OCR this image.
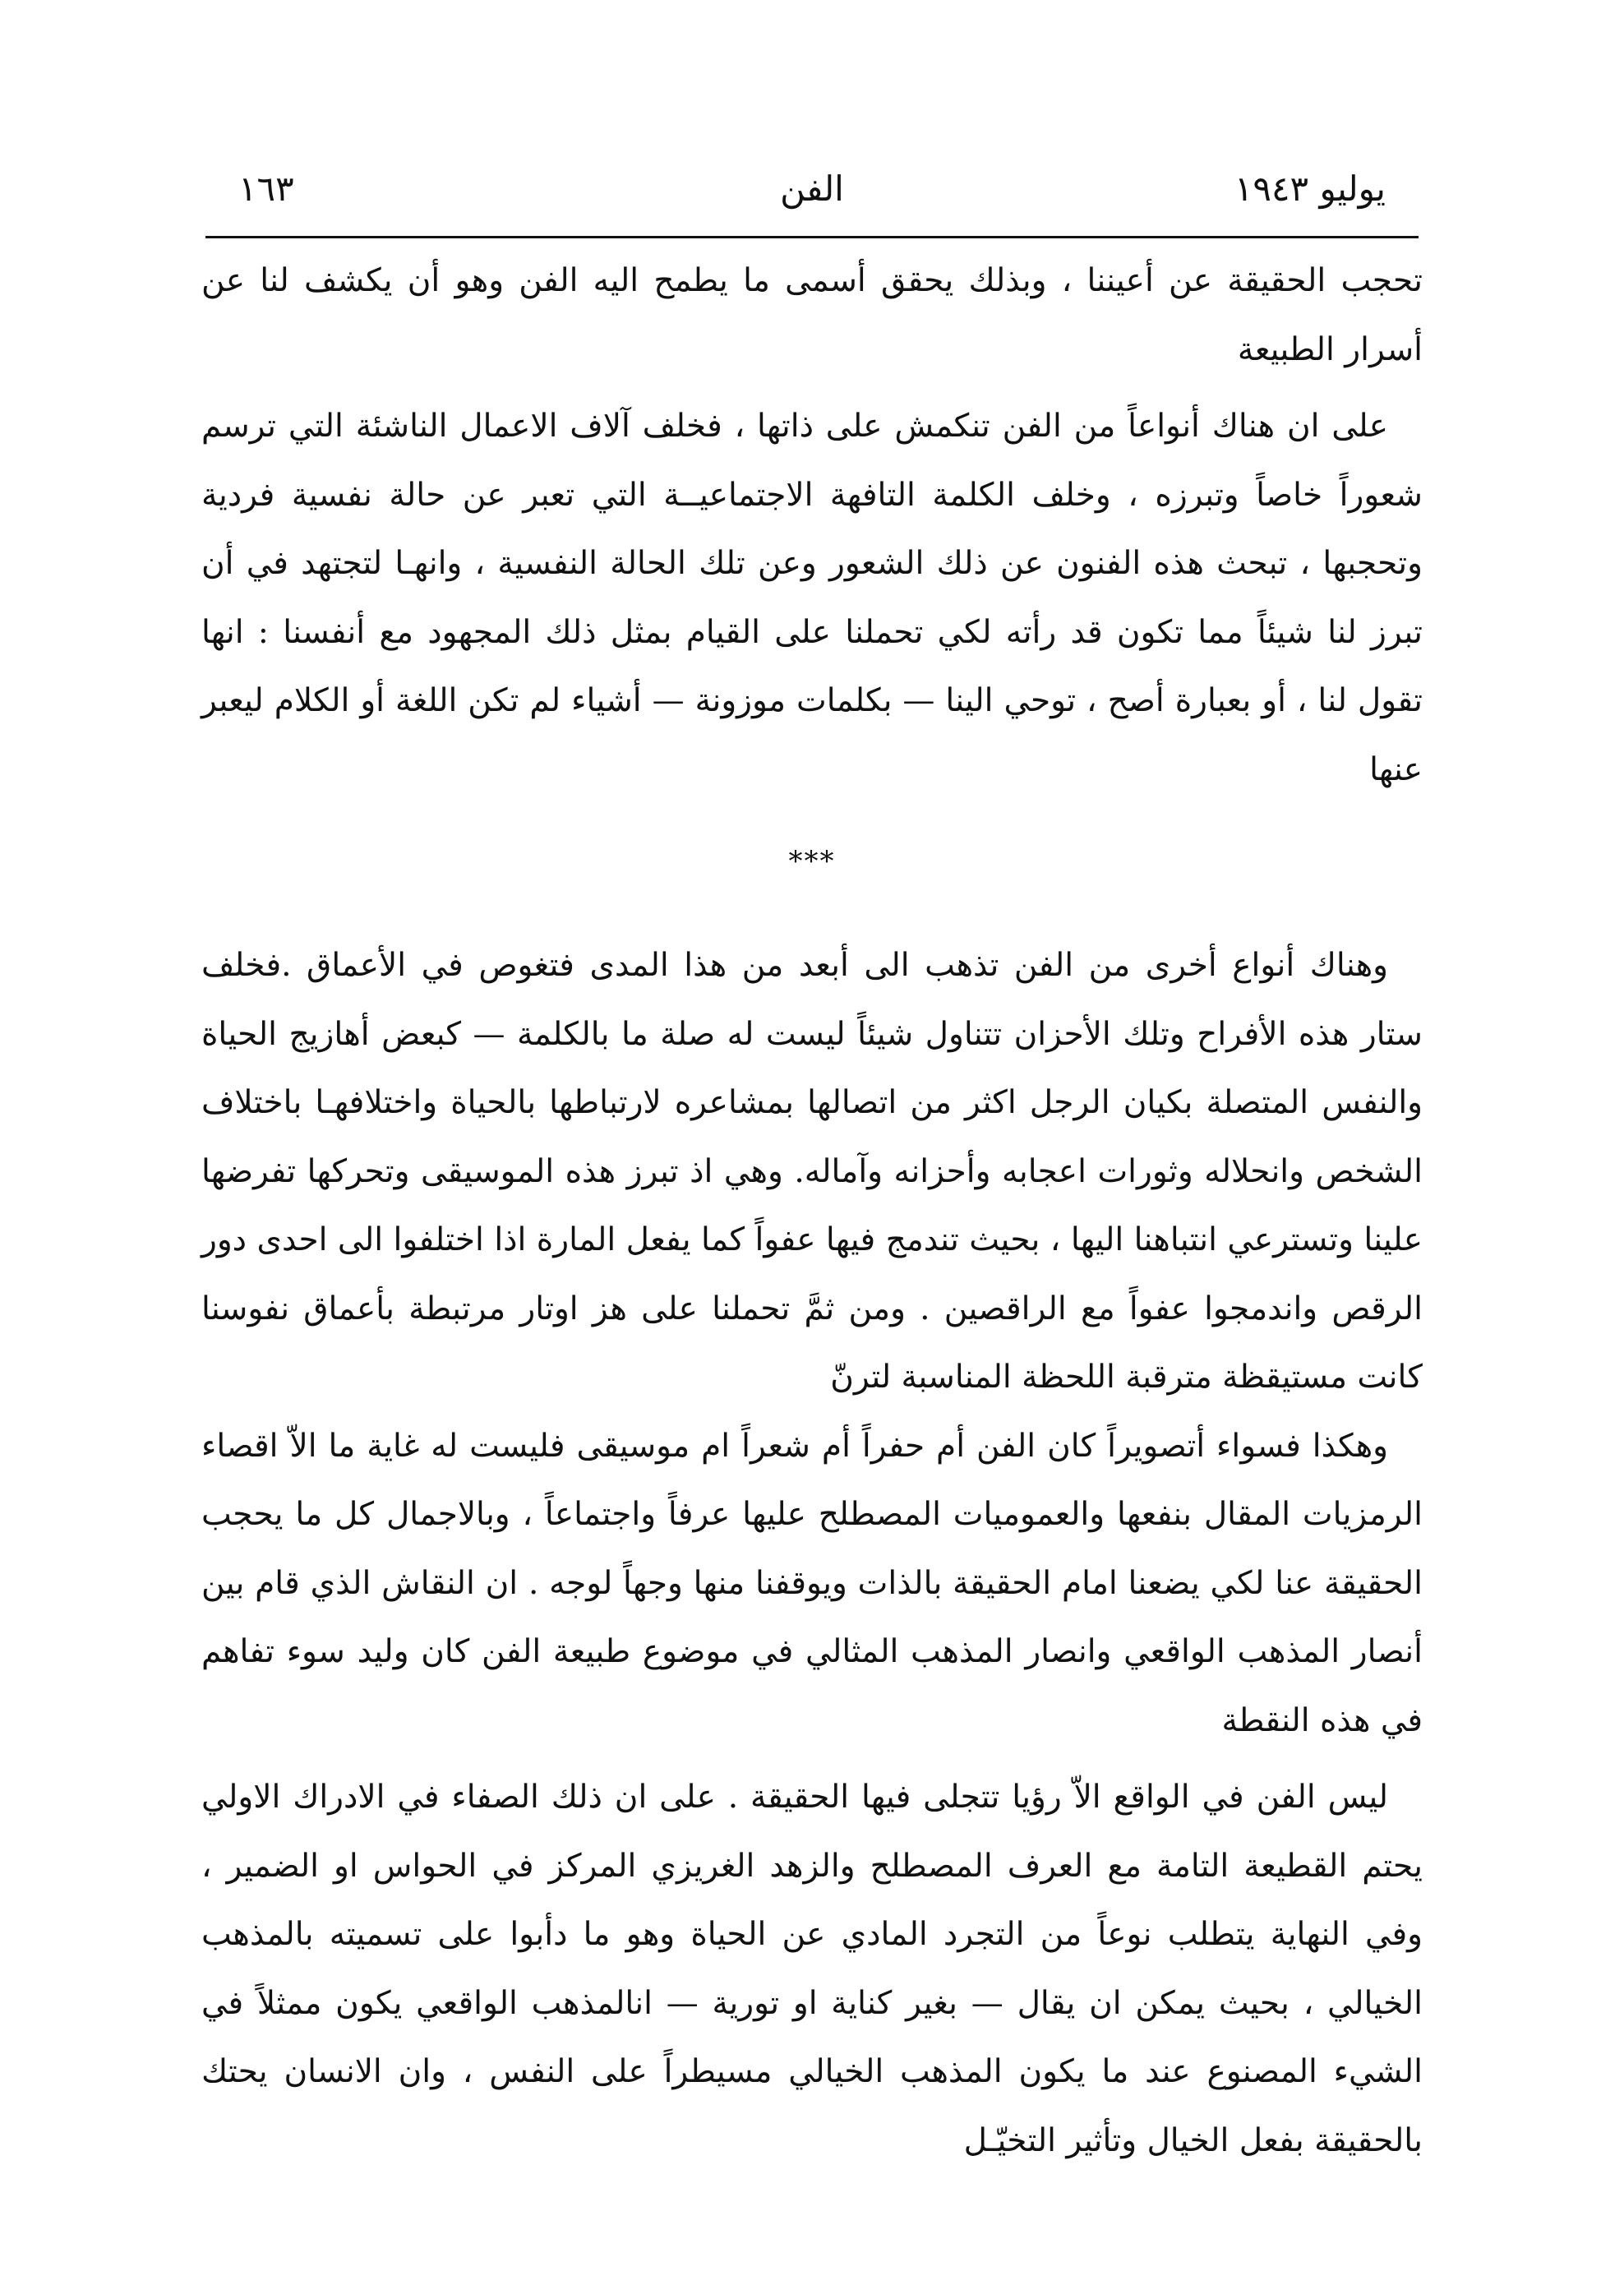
يوليو ١٩٤٣
الفن
١٦٣

تحجب الحقيقة عن أعيننا ، وبذلك يحقق أسمى ما يطمح اليه الفن وهو أن يكشف لنا عن أسرار الطبيعة

على ان هناك أنواعاً من الفن تنكمش على ذاتها ، فخلف آلاف الاعمال الناشئة التي ترسم شعوراً خاصاً وتبرزه ، وخلف الكلمة التافهة الاجتماعيــة التي تعبر عن حالة نفسية فردية وتحجبها ، تبحث هذه الفنون عن ذلك الشعور وعن تلك الحالة النفسية ، وانهـا لتجتهد في أن تبرز لنا شيئاً مما تكون قد رأته لكي تحملنا على القيام بمثل ذلك المجهود مع أنفسنا : انها تقول لنا ، أو بعبارة أصح ، توحي الينا — بكلمات موزونة — أشياء لم تكن اللغة أو الكلام ليعبر عنها

***

وهناك أنواع أخرى من الفن تذهب الى أبعد من هذا المدى فتغوص في الأعماق .فخلف ستار هذه الأفراح وتلك الأحزان تتناول شيئاً ليست له صلة ما بالكلمة — كبعض أهازيج الحياة والنفس المتصلة بكيان الرجل اكثر من اتصالها بمشاعره لارتباطها بالحياة واختلافهـا باختلاف الشخص وانحلاله وثورات اعجابه وأحزانه وآماله. وهي اذ تبرز هذه الموسيقى وتحركها تفرضها علينا وتسترعي انتباهنا اليها ، بحيث تندمج فيها عفواً كما يفعل المارة اذا اختلفوا الى احدى دور الرقص واندمجوا عفواً مع الراقصين . ومن ثمَّ تحملنا على هز اوتار مرتبطة بأعماق نفوسنا كانت مستيقظة مترقبة اللحظة المناسبة لترنّ

وهكذا فسواء أتصويراً كان الفن أم حفراً أم شعراً ام موسيقى فليست له غاية ما الاّ اقصاء الرمزيات المقال بنفعها والعموميات المصطلح عليها عرفاً واجتماعاً ، وبالاجمال كل ما يحجب الحقيقة عنا لكي يضعنا امام الحقيقة بالذات ويوقفنا منها وجهاً لوجه . ان النقاش الذي قام بين أنصار المذهب الواقعي وانصار المذهب المثالي في موضوع طبيعة الفن كان وليد سوء تفاهم في هذه النقطة

ليس الفن في الواقع الاّ رؤيا تتجلى فيها الحقيقة . على ان ذلك الصفاء في الادراك الاولي يحتم القطيعة التامة مع العرف المصطلح والزهد الغريزي المركز في الحواس او الضمير ، وفي النهاية يتطلب نوعاً من التجرد المادي عن الحياة وهو ما دأبوا على تسميته بالمذهب الخيالي ، بحيث يمكن ان يقال — بغير كناية او تورية — انالمذهب الواقعي يكون ممثلاً في الشيء المصنوع عند ما يكون المذهب الخيالي مسيطراً على النفس ، وان الانسان يحتك بالحقيقة بفعل الخيال وتأثير التخيّـل
